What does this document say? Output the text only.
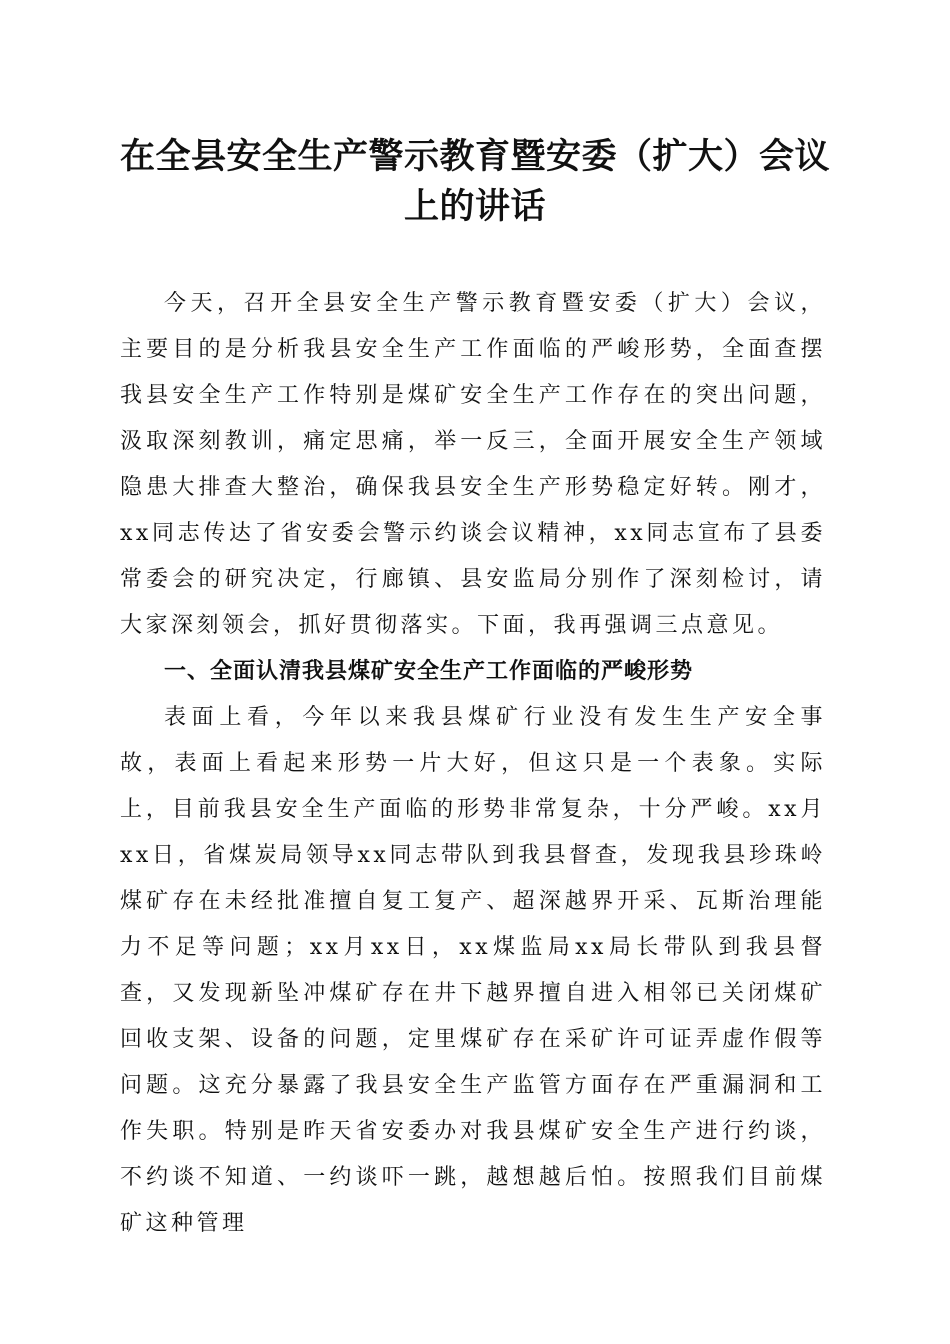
在全县安全生产警示教育暨安委（扩大）会议
上的讲话

今天，召开全县安全生产警示教育暨安委（扩大）会议，主要目的是分析我县安全生产工作面临的严峻形势，全面查摆我县安全生产工作特别是煤矿安全生产工作存在的突出问题，汲取深刻教训，痛定思痛，举一反三，全面开展安全生产领域隐患大排查大整治，确保我县安全生产形势稳定好转。刚才，xx同志传达了省安委会警示约谈会议精神，xx同志宣布了县委常委会的研究决定，行廊镇、县安监局分别作了深刻检讨，请大家深刻领会，抓好贯彻落实。下面，我再强调三点意见。

一、全面认清我县煤矿安全生产工作面临的严峻形势

表面上看，今年以来我县煤矿行业没有发生生产安全事故，表面上看起来形势一片大好，但这只是一个表象。实际上，目前我县安全生产面临的形势非常复杂，十分严峻。xx月xx日，省煤炭局领导xx同志带队到我县督查，发现我县珍珠岭煤矿存在未经批准擅自复工复产、超深越界开采、瓦斯治理能力不足等问题；xx月xx日，xx煤监局xx局长带队到我县督查，又发现新坠冲煤矿存在井下越界擅自进入相邻已关闭煤矿回收支架、设备的问题，定里煤矿存在采矿许可证弄虚作假等问题。这充分暴露了我县安全生产监管方面存在严重漏洞和工作失职。特别是昨天省安委办对我县煤矿安全生产进行约谈，不约谈不知道、一约谈吓一跳，越想越后怕。按照我们目前煤矿这种管理
